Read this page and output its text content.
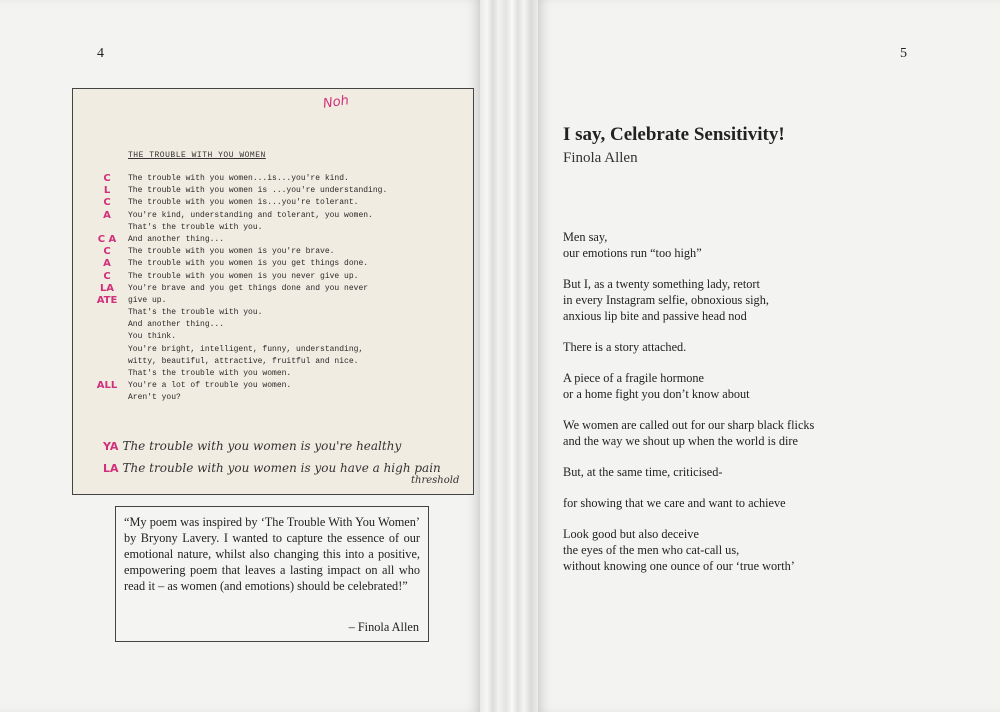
4	5
Noh
THE TROUBLE WITH YOU WOMEN
C
L
C
A
C A
C
A
C
LA
ATE
ALL
The trouble with you women...is...you're kind.
The trouble with you women is ...you're understanding.
The trouble with you women is...you're tolerant.
You're kind, understanding and tolerant, you women.
That's the trouble with you.
And another thing...
The trouble with you women is you're brave.
The trouble with you women is you get things done.
The trouble with you women is you never give up.
You're brave and you get things done and you never
give up.
That's the trouble with you.
And another thing...
You think.
You're bright, intelligent, funny, understanding,
witty, beautiful, attractive, fruitful and nice.
That's the trouble with you women.
You're a lot of trouble you women.
Aren't you?
YA The trouble with you women is you're healthy
LA The trouble with you women is you have a high pain
threshold
“My poem was inspired by ‘The Trouble With You Women’ by Bryony Lavery. I wanted to capture the essence of our emotional nature, whilst also changing this into a positive, empowering poem that leaves a lasting impact on all who read it – as women (and emotions) should be celebrated!”
– Finola Allen
I say, Celebrate Sensitivity!
Finola Allen
Men say,
our emotions run “too high”
But I, as a twenty something lady, retort
in every Instagram selfie, obnoxious sigh,
anxious lip bite and passive head nod
There is a story attached.
A piece of a fragile hormone
or a home fight you don’t know about
We women are called out for our sharp black flicks
and the way we shout up when the world is dire
But, at the same time, criticised-
for showing that we care and want to achieve
Look good but also deceive
the eyes of the men who cat-call us,
without knowing one ounce of our ‘true worth’
